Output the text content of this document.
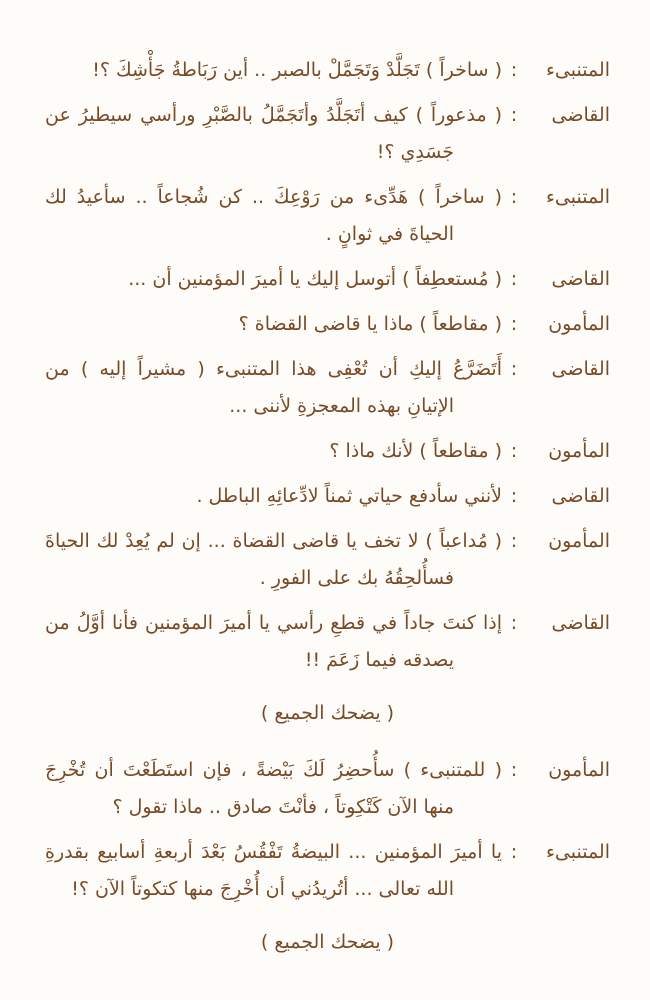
المتنبىء
:
( ساخراً ) تَجَلَّدْ وَتَجَمَّلْ بالصبر .. أين رَبَاطةُ جَأْشِكَ ؟!
القاضى
:
( مذعوراً ) كيف أتَجَلَّدُ وأتَجَمَّلُ بالصَّبْرِ ورأسي سيطيرُ عن جَسَدِي ؟!
المتنبىء
:
( ساخراً ) هَدِّىء من رَوْعِكَ .. كن شُجاعاً .. سأعيدُ لك الحياةَ في ثوانٍ .
القاضى
:
( مُستعطِفاً ) أتوسل إليك يا أميرَ المؤمنين أن ...
المأمون
:
( مقاطعاً ) ماذا يا قاضى القضاة ؟
القاضى
:
أَتَضَرَّعُ إليكِ أن تُعْفِى هذا المتنبىء ( مشيراً إليه ) من الإتيانِ بهذه المعجزةِ لأننى ...
المأمون
:
( مقاطعاً ) لأنك ماذا ؟
القاضى
:
لأنني سأدفع حياتي ثمناً لادِّعائِهِ الباطل .
المأمون
:
( مُداعباً ) لا تخف يا قاضى القضاة ... إن لم يُعِدْ لك الحياةَ فسأُلحِقُهُ بك على الفورِ .
القاضى
:
إذا كنتَ جاداً في قطعِ رأسي يا أميرَ المؤمنين فأنا أوَّلُ من يصدقه فيما زَعَمَ !!
( يضحك الجميع )
المأمون
:
( للمتنبىء ) سأُحضِرُ لَكَ بَيْضةً ، فإن استَطَعْتَ أن تُخْرِجَ منها الآن كَتْكِوتاً ، فأنْتَ صادق .. ماذا تقول ؟
المتنبىء
:
يا أميرَ المؤمنين ... البيضةُ تَفْقُسُ بَعْدَ أربعةِ أسابيع بقدرةِ الله تعالى ... أتُريدُني أن أُخْرِجَ منها كتكوتاً الآن ؟!
( يضحك الجميع )
